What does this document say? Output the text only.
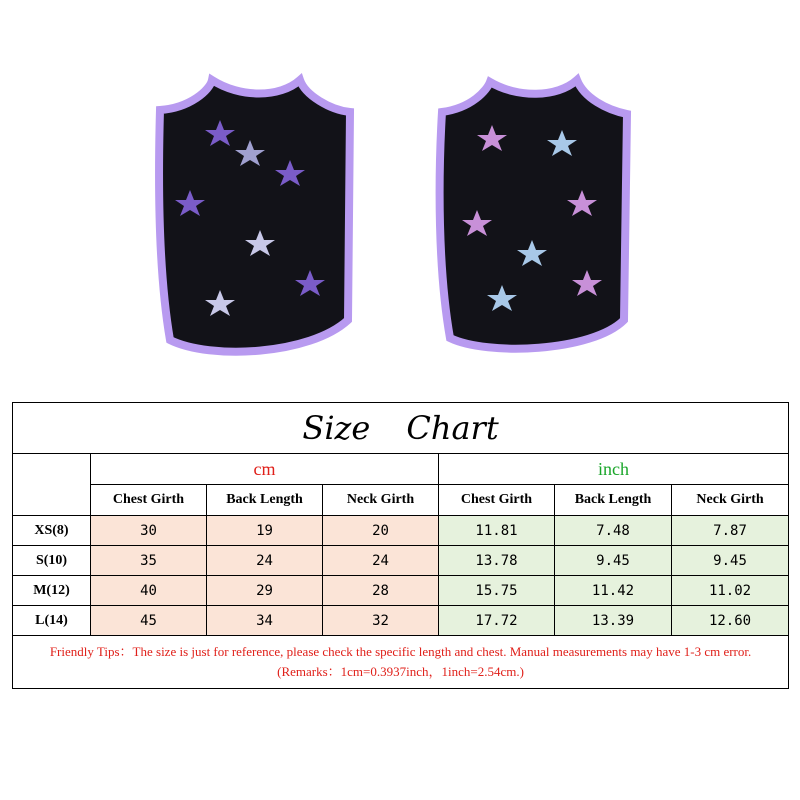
Size Chart						
	cm			inch		
	Chest Girth	Back Length	Neck Girth	Chest Girth	Back Length	Neck Girth
XS(8)	30	19	20	11.81	7.48	7.87
S(10)	35	24	24	13.78	9.45	9.45
M(12)	40	29	28	15.75	11.42	11.02
L(14)	45	34	32	17.72	13.39	12.60
Friendly Tips：The size is just for reference, please check the specific length and chest. Manual measurements may have 1-3 cm error. (Remarks：1cm=0.3937inch，1inch=2.54cm.)						
